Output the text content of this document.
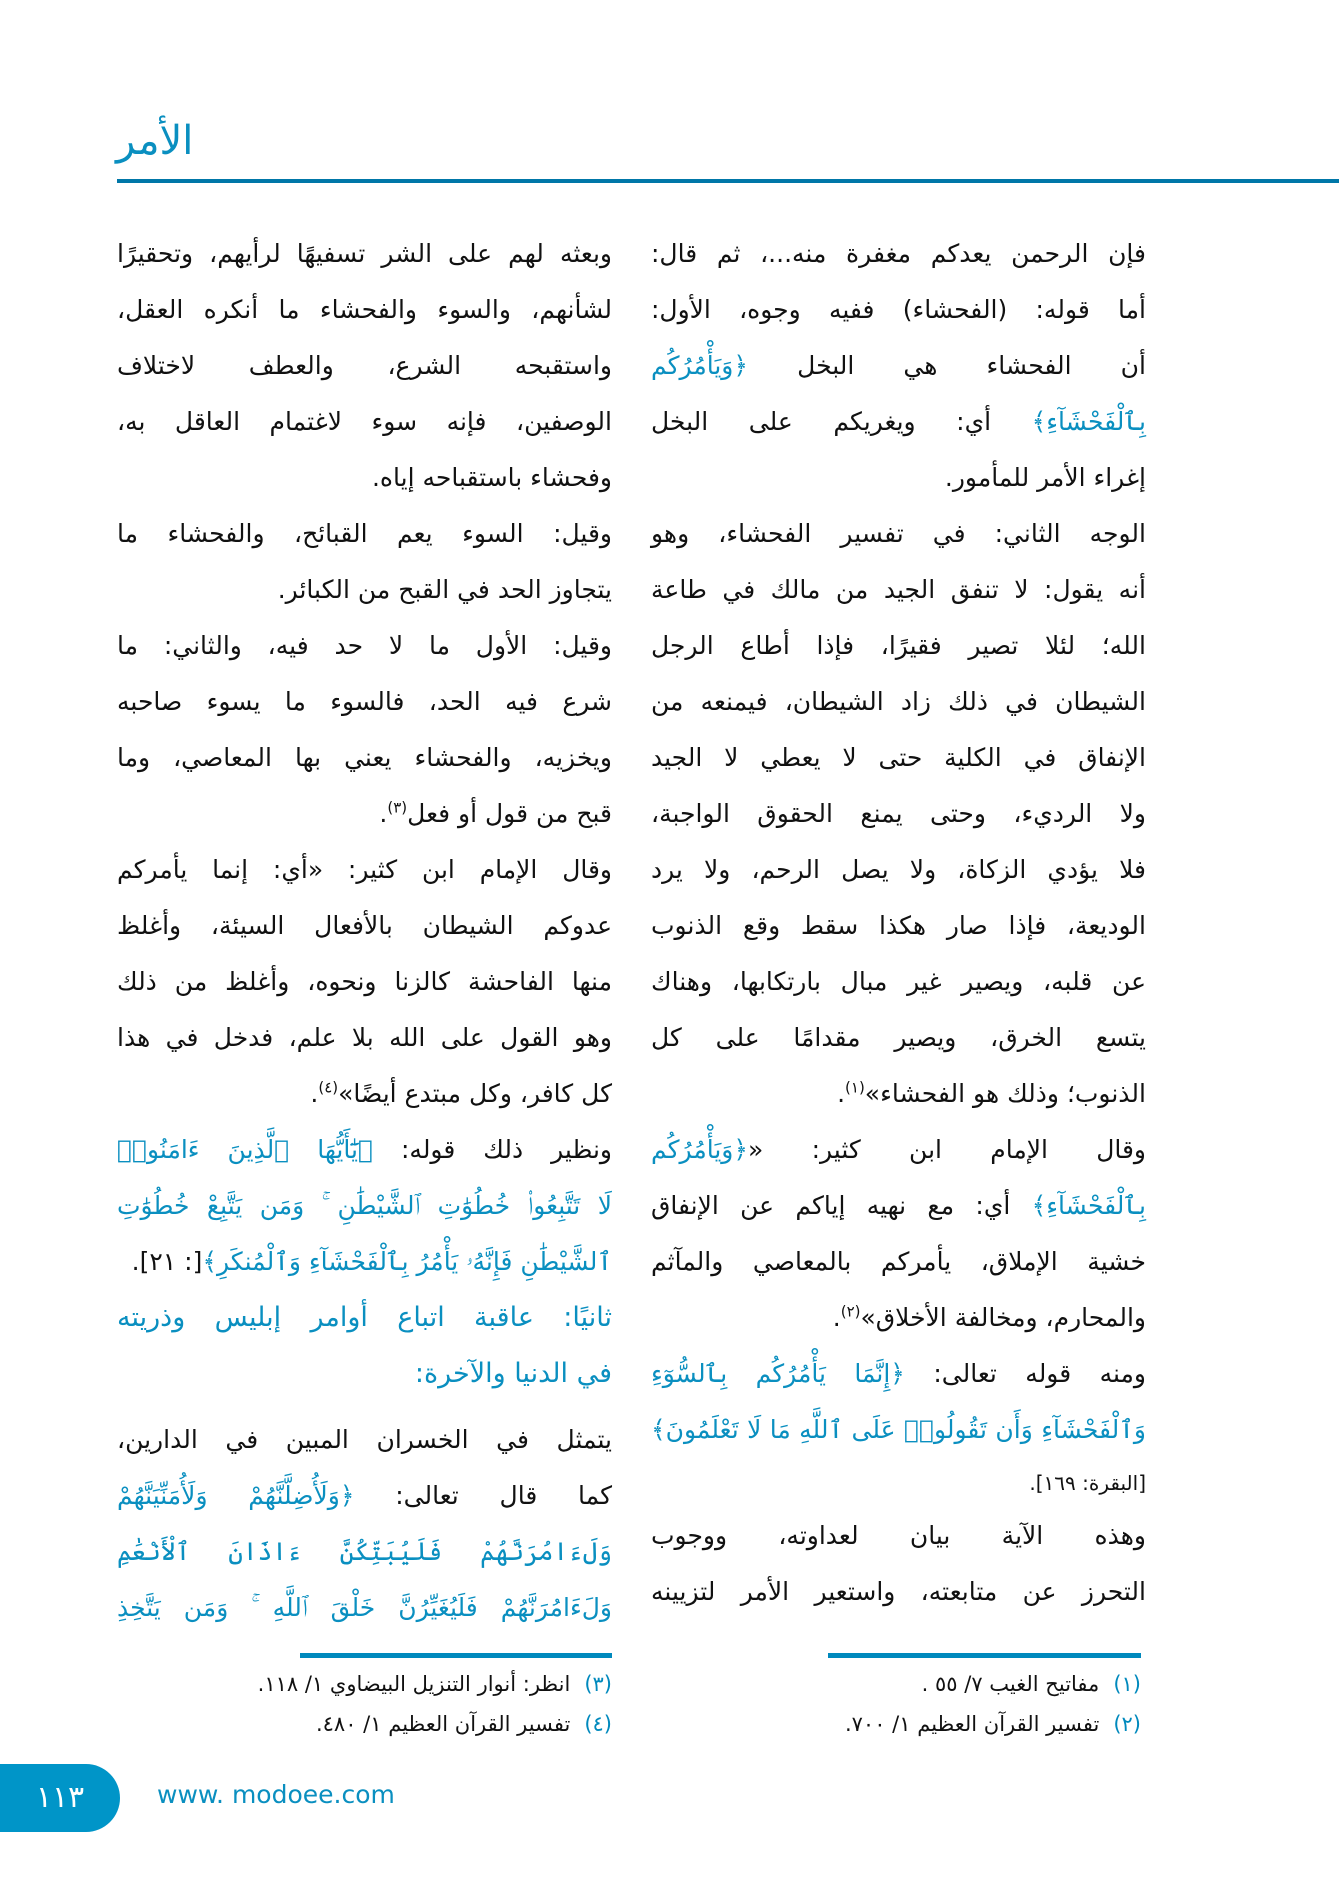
الأمر
فإن الرحمن يعدكم مغفرة منه...، ثم قال:
أما قوله: (الفحشاء) ففيه وجوه، الأول:
أن الفحشاء هي البخل ﴿وَيَأْمُرُكُم
بِٱلْفَحْشَآءِ﴾ أي: ويغريكم على البخل
إغراء الأمر للمأمور.
الوجه الثاني: في تفسير الفحشاء، وهو
أنه يقول: لا تنفق الجيد من مالك في طاعة
الله؛ لئلا تصير فقيرًا، فإذا أطاع الرجل
الشيطان في ذلك زاد الشيطان، فيمنعه من
الإنفاق في الكلية حتى لا يعطي لا الجيد
ولا الرديء، وحتى يمنع الحقوق الواجبة،
فلا يؤدي الزكاة، ولا يصل الرحم، ولا يرد
الوديعة، فإذا صار هكذا سقط وقع الذنوب
عن قلبه، ويصير غير مبال بارتكابها، وهناك
يتسع الخرق، ويصير مقدامًا على كل
الذنوب؛ وذلك هو الفحشاء»$^{(١)}$.
وقال الإمام ابن كثير: «﴿وَيَأْمُرُكُم
بِٱلْفَحْشَآءِ﴾ أي: مع نهيه إياكم عن الإنفاق
خشية الإملاق، يأمركم بالمعاصي والمآثم
والمحارم، ومخالفة الأخلاق»$^{(٢)}$.
ومنه قوله تعالى: ﴿إِنَّمَا يَأْمُرُكُم بِٱلسُّوٓءِ
وَٱلْفَحْشَآءِ وَأَن تَقُولُوا۟ عَلَى ٱللَّهِ مَا لَا تَعْلَمُونَ﴾
[البقرة: ١٦٩].
وهذه الآية بيان لعداوته، ووجوب
التحرز عن متابعته، واستعير الأمر لتزيينه
وبعثه لهم على الشر تسفيهًا لرأيهم، وتحقيرًا
لشأنهم، والسوء والفحشاء ما أنكره العقل،
واستقبحه الشرع، والعطف لاختلاف
الوصفين، فإنه سوء لاغتمام العاقل به،
وفحشاء باستقباحه إياه.
وقيل: السوء يعم القبائح، والفحشاء ما
يتجاوز الحد في القبح من الكبائر.
وقيل: الأول ما لا حد فيه، والثاني: ما
شرع فيه الحد، فالسوء ما يسوء صاحبه
ويخزيه، والفحشاء يعني بها المعاصي، وما
قبح من قول أو فعل$^{(٣)}$.
وقال الإمام ابن كثير: «أي: إنما يأمركم
عدوكم الشيطان بالأفعال السيئة، وأغلظ
منها الفاحشة كالزنا ونحوه، وأغلظ من ذلك
وهو القول على الله بلا علم، فدخل في هذا
كل كافر، وكل مبتدع أيضًا»$^{(٤)}$.
ونظير ذلك قوله: ﴿يَٰٓأَيُّهَا ٱلَّذِينَ ءَامَنُوا۟
لَا تَتَّبِعُوا۟ خُطُوَٰتِ ٱلشَّيْطَٰنِ ۚ وَمَن يَتَّبِعْ خُطُوَٰتِ
ٱلشَّيْطَٰنِ فَإِنَّهُۥ يَأْمُرُ بِٱلْفَحْشَآءِ وَٱلْمُنكَرِ﴾[: ٢١].
ثانيًا: عاقبة اتباع أوامر إبليس وذريته
في الدنيا والآخرة:
يتمثل في الخسران المبين في الدارين،
كما قال تعالى: ﴿وَلَأُضِلَّنَّهُمْ وَلَأُمَنِّيَنَّهُمْ
وَلَءَامُرَنَّهُمْ فَلَيُبَتِّكُنَّ ءَاذَانَ ٱلْأَنْعَٰمِ
وَلَءَامُرَنَّهُمْ فَلَيُغَيِّرُنَّ خَلْقَ ٱللَّهِ ۚ وَمَن يَتَّخِذِ
(١)مفاتيح الغيب ٧/ ٥٥ .
(٢)تفسير القرآن العظيم ١/ ٧٠٠.
(٣)انظر: أنوار التنزيل البيضاوي ١/ ١١٨.
(٤)تفسير القرآن العظيم ١/ ٤٨٠.
١١٣	www. modoee.com
